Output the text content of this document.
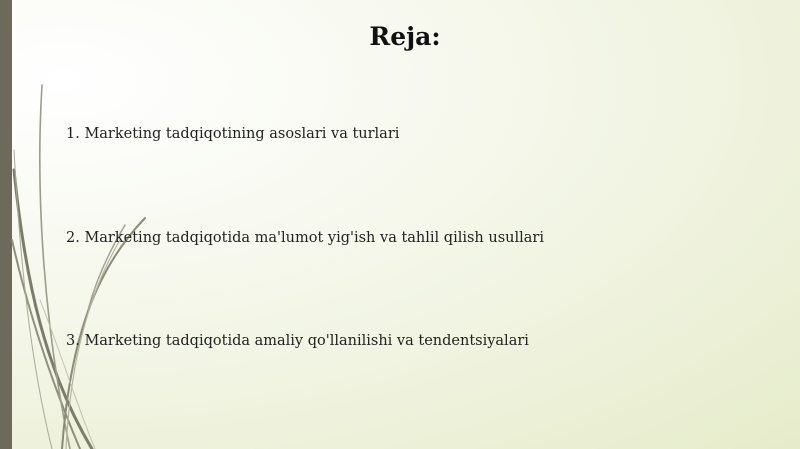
Reja:
1. Marketing tadqiqotining asoslari va turlari
2. Marketing tadqiqotida ma'lumot yig'ish va tahlil qilish usullari
3. Marketing tadqiqotida amaliy qo'llanilishi va tendentsiyalari
